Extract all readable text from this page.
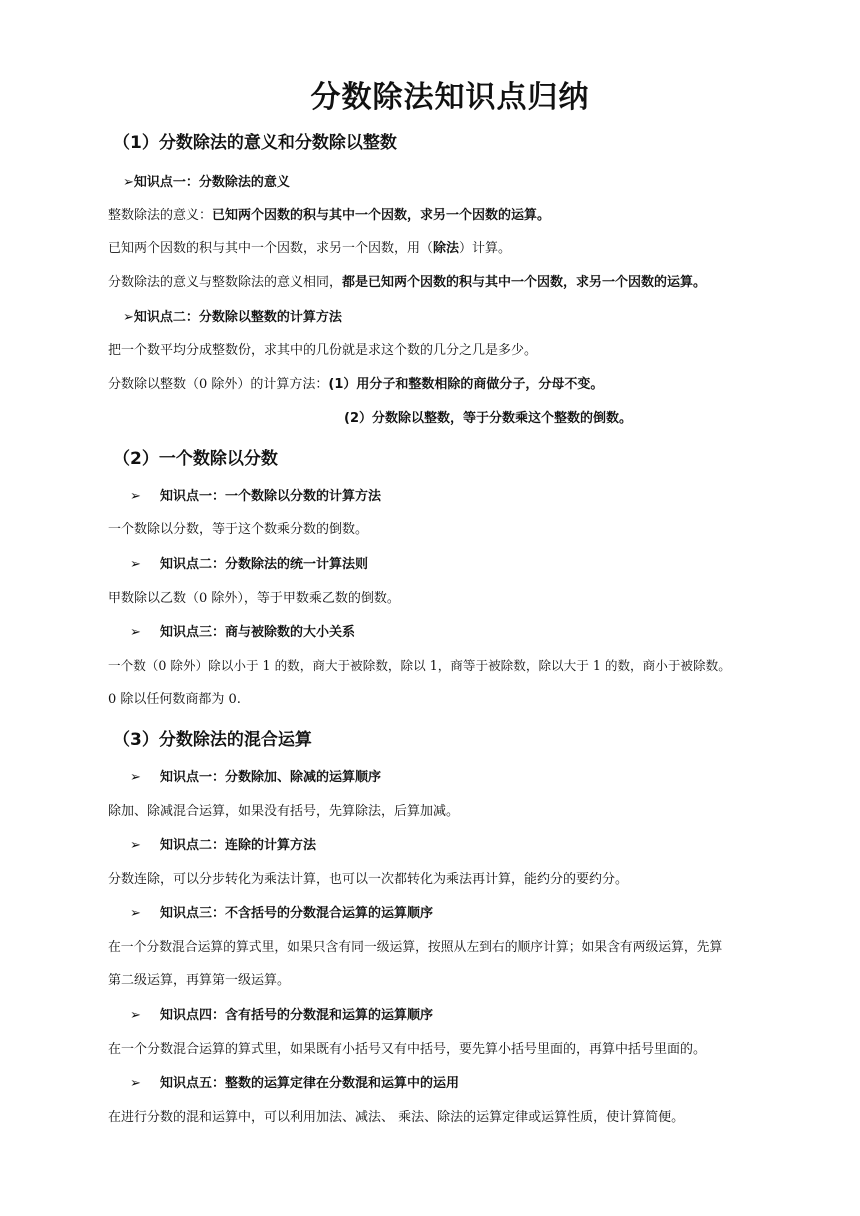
分数除法知识点归纳
（1）分数除法的意义和分数除以整数
➢知识点一：分数除法的意义
整数除法的意义：已知两个因数的积与其中一个因数，求另一个因数的运算。
已知两个因数的积与其中一个因数，求另一个因数，用（除法）计算。
分数除法的意义与整数除法的意义相同，都是已知两个因数的积与其中一个因数，求另一个因数的运算。
➢知识点二：分数除以整数的计算方法
把一个数平均分成整数份，求其中的几份就是求这个数的几分之几是多少。
分数除以整数（0 除外）的计算方法：(1）用分子和整数相除的商做分子，分母不变。
(2）分数除以整数，等于分数乘这个整数的倒数。
（2）一个数除以分数
➢ 知识点一：一个数除以分数的计算方法
一个数除以分数，等于这个数乘分数的倒数。
➢ 知识点二：分数除法的统一计算法则
甲数除以乙数（0 除外），等于甲数乘乙数的倒数。
➢ 知识点三：商与被除数的大小关系
一个数（0 除外）除以小于 1 的数，商大于被除数，除以 1，商等于被除数，除以大于 1 的数，商小于被除数。
0 除以任何数商都为 0.
（3）分数除法的混合运算
➢ 知识点一：分数除加、除减的运算顺序
除加、除减混合运算，如果没有括号，先算除法，后算加减。
➢ 知识点二：连除的计算方法
分数连除，可以分步转化为乘法计算，也可以一次都转化为乘法再计算，能约分的要约分。
➢ 知识点三：不含括号的分数混合运算的运算顺序
在一个分数混合运算的算式里，如果只含有同一级运算，按照从左到右的顺序计算；如果含有两级运算，先算
第二级运算，再算第一级运算。
➢ 知识点四：含有括号的分数混和运算的运算顺序
在一个分数混合运算的算式里，如果既有小括号又有中括号，要先算小括号里面的，再算中括号里面的。
➢ 知识点五：整数的运算定律在分数混和运算中的运用
在进行分数的混和运算中，可以利用加法、减法、 乘法、除法的运算定律或运算性质，使计算简便。
